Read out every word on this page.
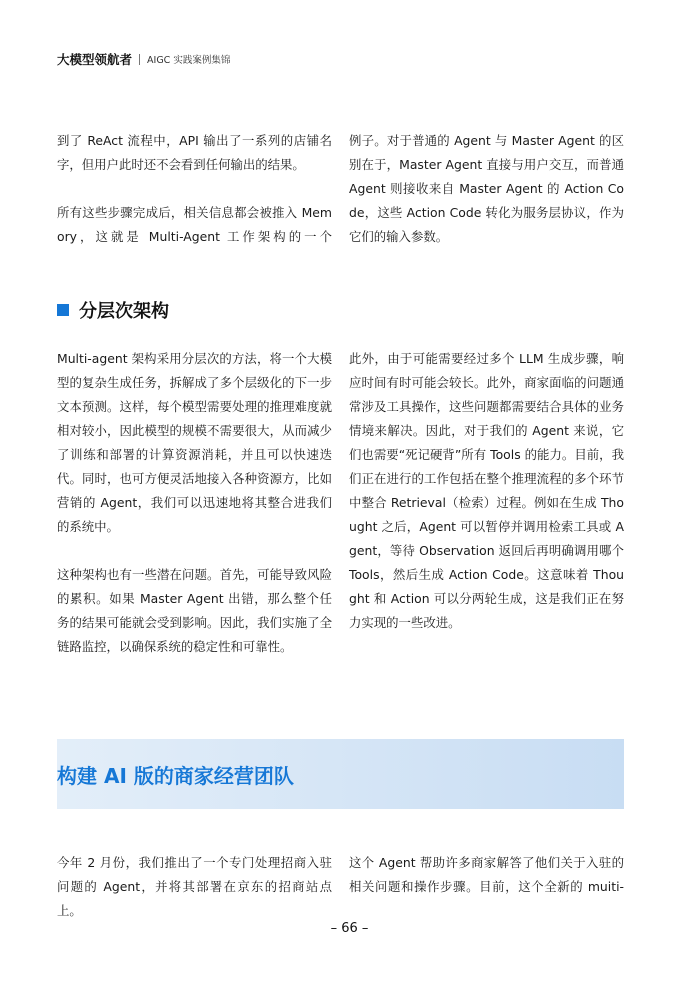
大模型领航者 AIGC 实践案例集锦

到了 ReAct 流程中，API 输出了一系列的店铺名字，但用户此时还不会看到任何输出的结果。

所有这些步骤完成后，相关信息都会被推入 Memory，这就是 Multi-Agent 工作架构的一个

例子。对于普通的 Agent 与 Master Agent 的区别在于，Master Agent 直接与用户交互，而普通 Agent 则接收来自 Master Agent 的 Action Code，这些 Action Code 转化为服务层协议，作为它们的输入参数。

分层次架构

Multi-agent 架构采用分层次的方法，将一个大模型的复杂生成任务，拆解成了多个层级化的下一步文本预测。这样，每个模型需要处理的推理难度就相对较小，因此模型的规模不需要很大，从而减少了训练和部署的计算资源消耗，并且可以快速迭代。同时，也可方便灵活地接入各种资源方，比如营销的 Agent，我们可以迅速地将其整合进我们的系统中。

这种架构也有一些潜在问题。首先，可能导致风险的累积。如果 Master Agent 出错，那么整个任务的结果可能就会受到影响。因此，我们实施了全链路监控，以确保系统的稳定性和可靠性。

此外，由于可能需要经过多个 LLM 生成步骤，响应时间有时可能会较长。此外，商家面临的问题通常涉及工具操作，这些问题都需要结合具体的业务情境来解决。因此，对于我们的 Agent 来说，它们也需要“死记硬背”所有 Tools 的能力。目前，我们正在进行的工作包括在整个推理流程的多个环节中整合 Retrieval（检索）过程。例如在生成 Thought 之后，Agent 可以暂停并调用检索工具或 Agent，等待 Observation 返回后再明确调用哪个 Tools，然后生成 Action Code。这意味着 Thought 和 Action 可以分两轮生成，这是我们正在努力实现的一些改进。

构建 AI 版的商家经营团队

今年 2 月份，我们推出了一个专门处理招商入驻问题的 Agent，并将其部署在京东的招商站点上。

这个 Agent 帮助许多商家解答了他们关于入驻的相关问题和操作步骤。目前，这个全新的 muiti-

– 66 –
